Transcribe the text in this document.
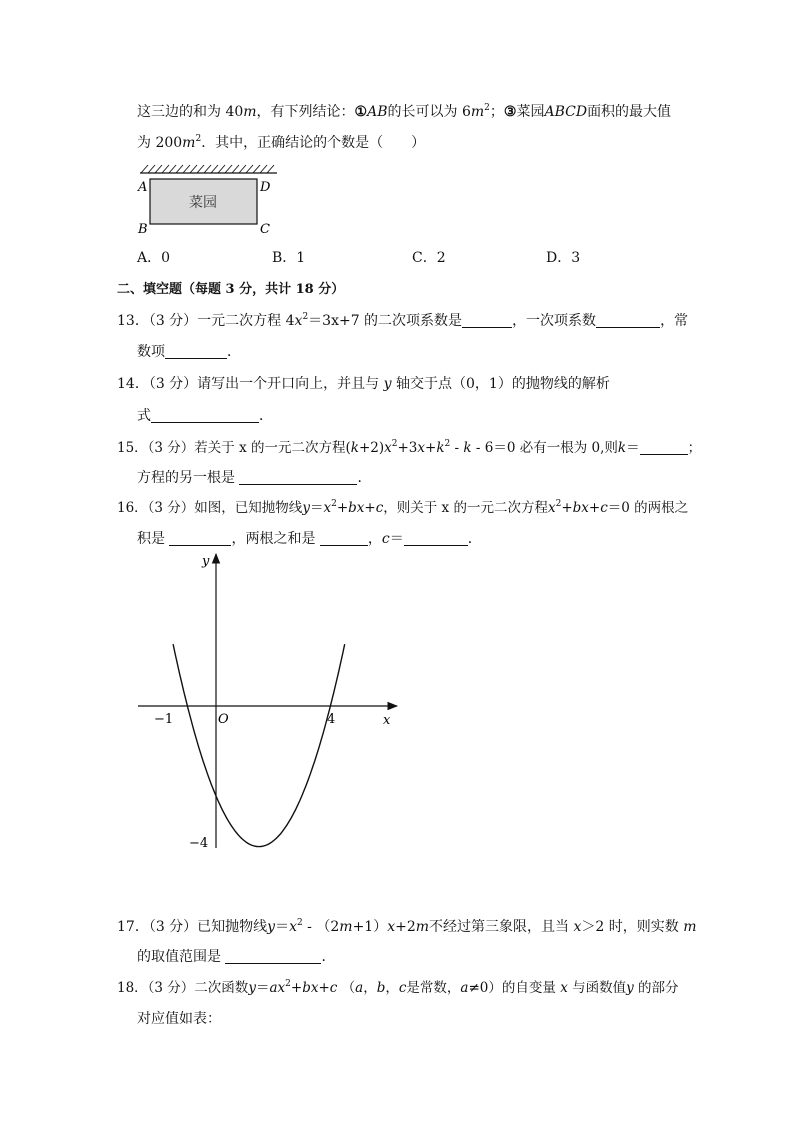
这三边的和为 40m，有下列结论：①AB的长可以为 $6m^2$；③菜园ABCD面积的最大值
为 $200m^2$．其中，正确结论的个数是（　　）
菜园
A	D
B	C
A．0	B．1	C．2	D．3
二、填空题（每题 3 分，共计 18 分）
13．（3 分）一元二次方程 $4x^2=3x+7$ 的二次项系数是	，一次项系数	，常
数项	．
14．（3 分）请写出一个开口向上，并且与 y 轴交于点（0，1）的抛物线的解析
式	．
15．（3 分）若关于 x 的一元二次方程$(k+2)x^2+3x+k^2 - k - 6=0$ 必有一根为 0,则k＝	；
方程的另一根是	．
16．（3 分）如图，已知抛物线$y=x^2+bx+c$，则关于 x 的一元二次方程$x^2+bx+c=0$ 的两根之
积是	，两根之和是	，c＝	．
x
y
O
−1	4
−4
17．（3 分）已知抛物线$y=x^2 - (2m+1)x+2m$不经过第三象限，且当 x＞2 时，则实数 m
的取值范围是	．
18．（3 分）二次函数$y=ax^2+bx+c$ （a，b，c是常数，a≠0）的自变量 x 与函数值y 的部分
对应值如表：
